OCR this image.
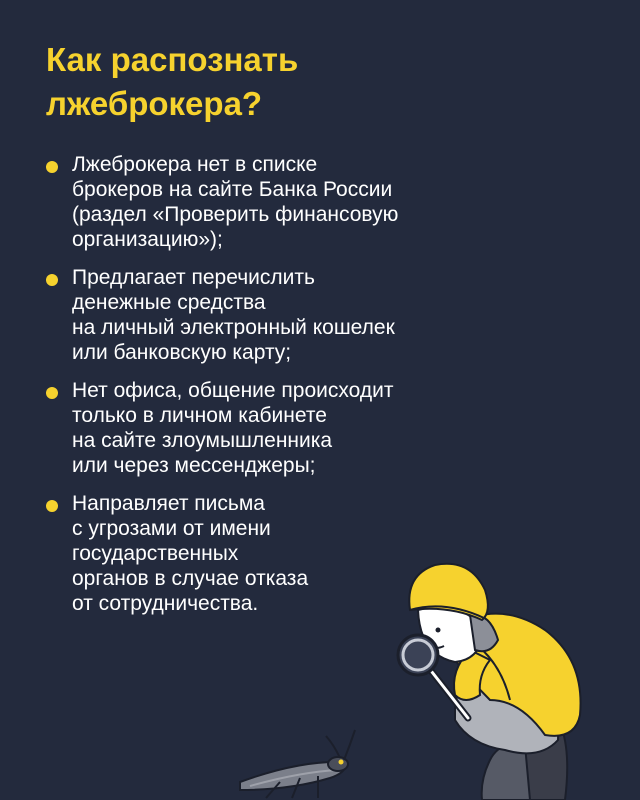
Как распознать
лжеброкера?
Лжеброкера нет в списке
брокеров на сайте Банка России
(раздел «Проверить финансовую
организацию»);
Предлагает перечислить
денежные средства
на личный электронный кошелек
или банковскую карту;
Нет офиса, общение происходит
только в личном кабинете
на сайте злоумышленника
или через мессенджеры;
Направляет письма
с угрозами от имени
государственных
органов в случае отказа
от сотрудничества.
